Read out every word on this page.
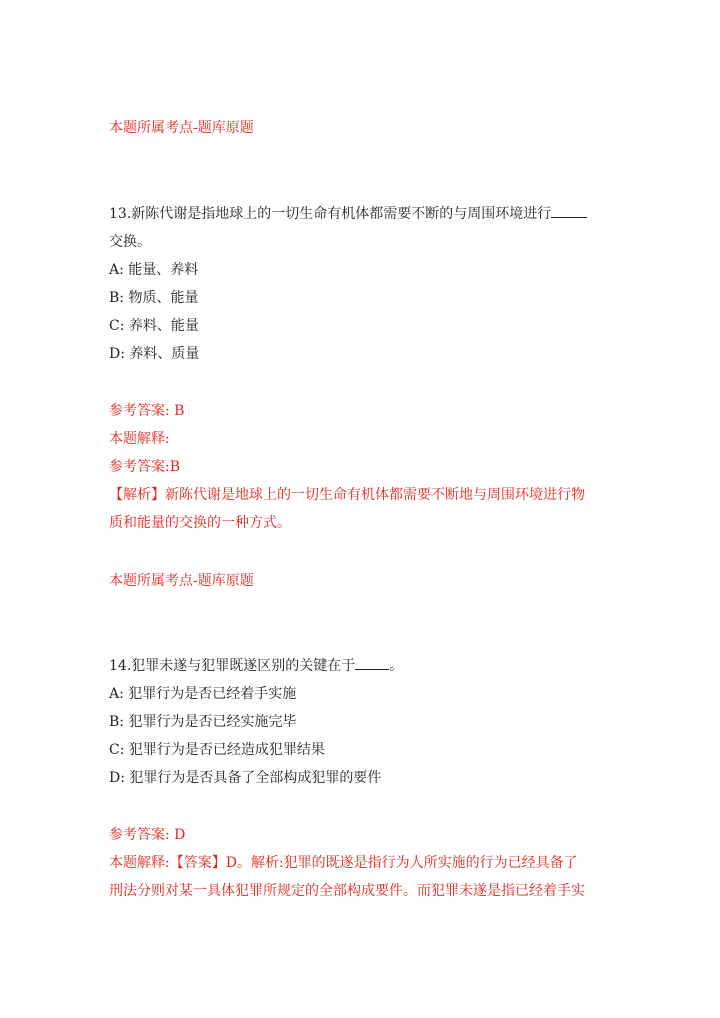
本题所属考点-题库原题
13.新陈代谢是指地球上的一切生命有机体都需要不断的与周围环境进行
交换。
A: 能量、养料
B: 物质、能量
C: 养料、能量
D: 养料、质量
参考答案: B
本题解释:
参考答案:B
【解析】新陈代谢是地球上的一切生命有机体都需要不断地与周围环境进行物
质和能量的交换的一种方式。
本题所属考点-题库原题
14.犯罪未遂与犯罪既遂区别的关键在于 。
A: 犯罪行为是否已经着手实施
B: 犯罪行为是否已经实施完毕
C: 犯罪行为是否已经造成犯罪结果
D: 犯罪行为是否具备了全部构成犯罪的要件
参考答案: D
本题解释:【答案】D。解析:犯罪的既遂是指行为人所实施的行为已经具备了
刑法分则对某一具体犯罪所规定的全部构成要件。而犯罪未遂是指已经着手实
